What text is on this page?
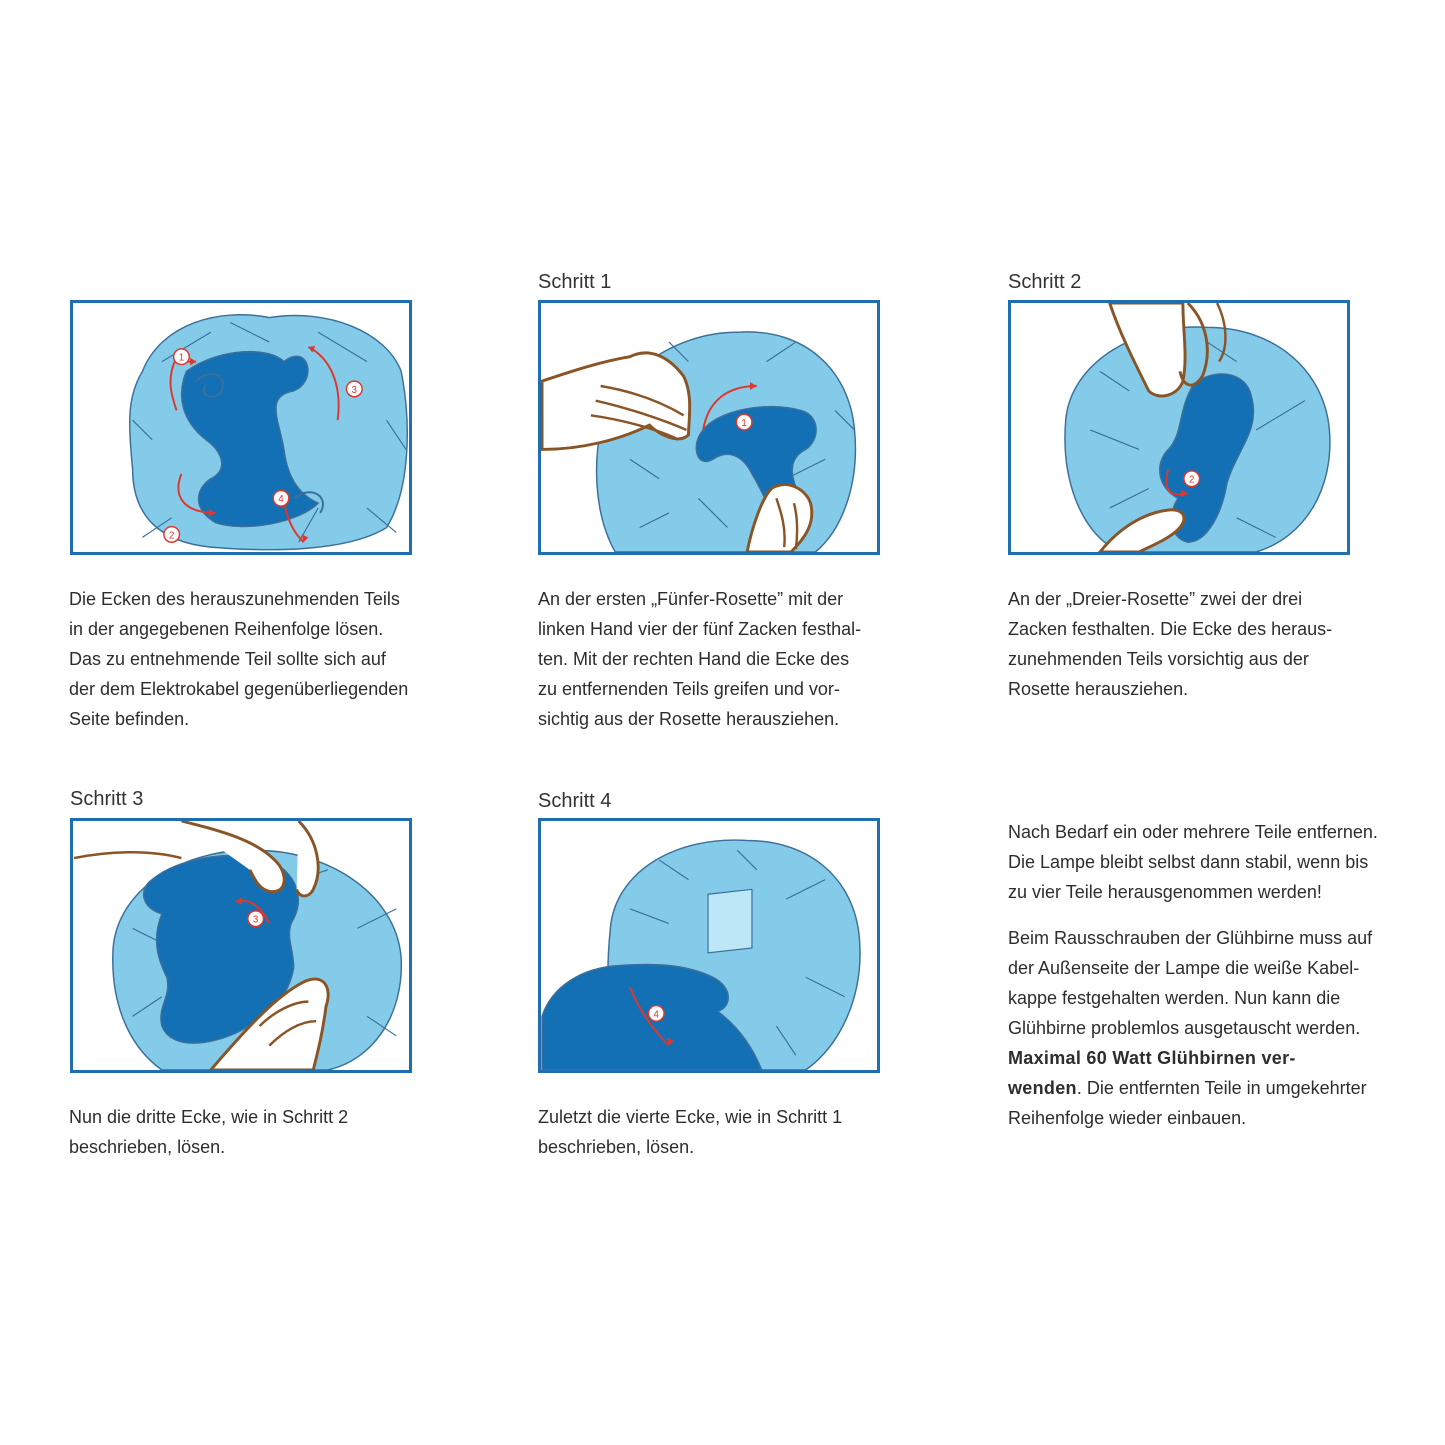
1
2
3
4

Die Ecken des herauszunehmenden Teils

in der angegebenen Reihenfolge lösen.

Das zu entnehmende Teil sollte sich auf

der dem Elektrokabel gegenüberliegenden

Seite befinden.

Schritt 1
1

An der ersten „Fünfer-Rosette” mit der

linken Hand vier der fünf Zacken festhal-

ten. Mit der rechten Hand die Ecke des

zu entfernenden Teils greifen und vor-

sichtig aus der Rosette herausziehen.

Schritt 2
2

An der „Dreier-Rosette” zwei der drei

Zacken festhalten. Die Ecke des heraus-

zunehmenden Teils vorsichtig aus der

Rosette herausziehen.

Schritt 3
3

Nun die dritte Ecke, wie in Schritt 2

beschrieben, lösen.

Schritt 4
4

Zuletzt die vierte Ecke, wie in Schritt 1

beschrieben, lösen.

Nach Bedarf ein oder mehrere Teile entfernen.
Die Lampe bleibt selbst dann stabil, wenn bis
zu vier Teile herausgenommen werden!
Beim Rausschrauben der Glühbirne muss auf
der Außenseite der Lampe die weiße Kabel-
kappe festgehalten werden. Nun kann die
Glühbirne problemlos ausgetauscht werden.
Maximal 60 Watt Glühbirnen ver-
wenden. Die entfernten Teile in umgekehrter
Reihenfolge wieder einbauen.
